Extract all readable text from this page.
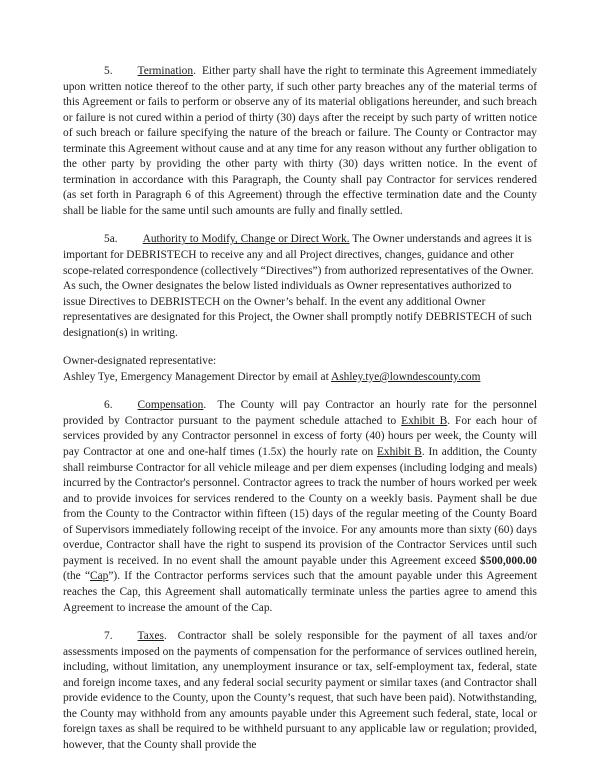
5. Termination. Either party shall have the right to terminate this Agreement immediately upon written notice thereof to the other party, if such other party breaches any of the material terms of this Agreement or fails to perform or observe any of its material obligations hereunder, and such breach or failure is not cured within a period of thirty (30) days after the receipt by such party of written notice of such breach or failure specifying the nature of the breach or failure. The County or Contractor may terminate this Agreement without cause and at any time for any reason without any further obligation to the other party by providing the other party with thirty (30) days written notice. In the event of termination in accordance with this Paragraph, the County shall pay Contractor for services rendered (as set forth in Paragraph 6 of this Agreement) through the effective termination date and the County shall be liable for the same until such amounts are fully and finally settled.

5a. Authority to Modify, Change or Direct Work. The Owner understands and agrees it is important for DEBRISTECH to receive any and all Project directives, changes, guidance and other scope-related correspondence (collectively “Directives”) from authorized representatives of the Owner. As such, the Owner designates the below listed individuals as Owner representatives authorized to issue Directives to DEBRISTECH on the Owner’s behalf. In the event any additional Owner representatives are designated for this Project, the Owner shall promptly notify DEBRISTECH of such designation(s) in writing.

Owner-designated representative:

Ashley Tye, Emergency Management Director by email at Ashley.tye@lowndescounty.com

6. Compensation. The County will pay Contractor an hourly rate for the personnel provided by Contractor pursuant to the payment schedule attached to Exhibit B. For each hour of services provided by any Contractor personnel in excess of forty (40) hours per week, the County will pay Contractor at one and one-half times (1.5x) the hourly rate on Exhibit B. In addition, the County shall reimburse Contractor for all vehicle mileage and per diem expenses (including lodging and meals) incurred by the Contractor's personnel. Contractor agrees to track the number of hours worked per week and to provide invoices for services rendered to the County on a weekly basis. Payment shall be due from the County to the Contractor within fifteen (15) days of the regular meeting of the County Board of Supervisors immediately following receipt of the invoice. For any amounts more than sixty (60) days overdue, Contractor shall have the right to suspend its provision of the Contractor Services until such payment is received. In no event shall the amount payable under this Agreement exceed $500,000.00 (the “Cap”). If the Contractor performs services such that the amount payable under this Agreement reaches the Cap, this Agreement shall automatically terminate unless the parties agree to amend this Agreement to increase the amount of the Cap.

7. Taxes. Contractor shall be solely responsible for the payment of all taxes and/or assessments imposed on the payments of compensation for the performance of services outlined herein, including, without limitation, any unemployment insurance or tax, self-employment tax, federal, state and foreign income taxes, and any federal social security payment or similar taxes (and Contractor shall provide evidence to the County, upon the County’s request, that such have been paid). Notwithstanding, the County may withhold from any amounts payable under this Agreement such federal, state, local or foreign taxes as shall be required to be withheld pursuant to any applicable law or regulation; provided, however, that the County shall provide the
